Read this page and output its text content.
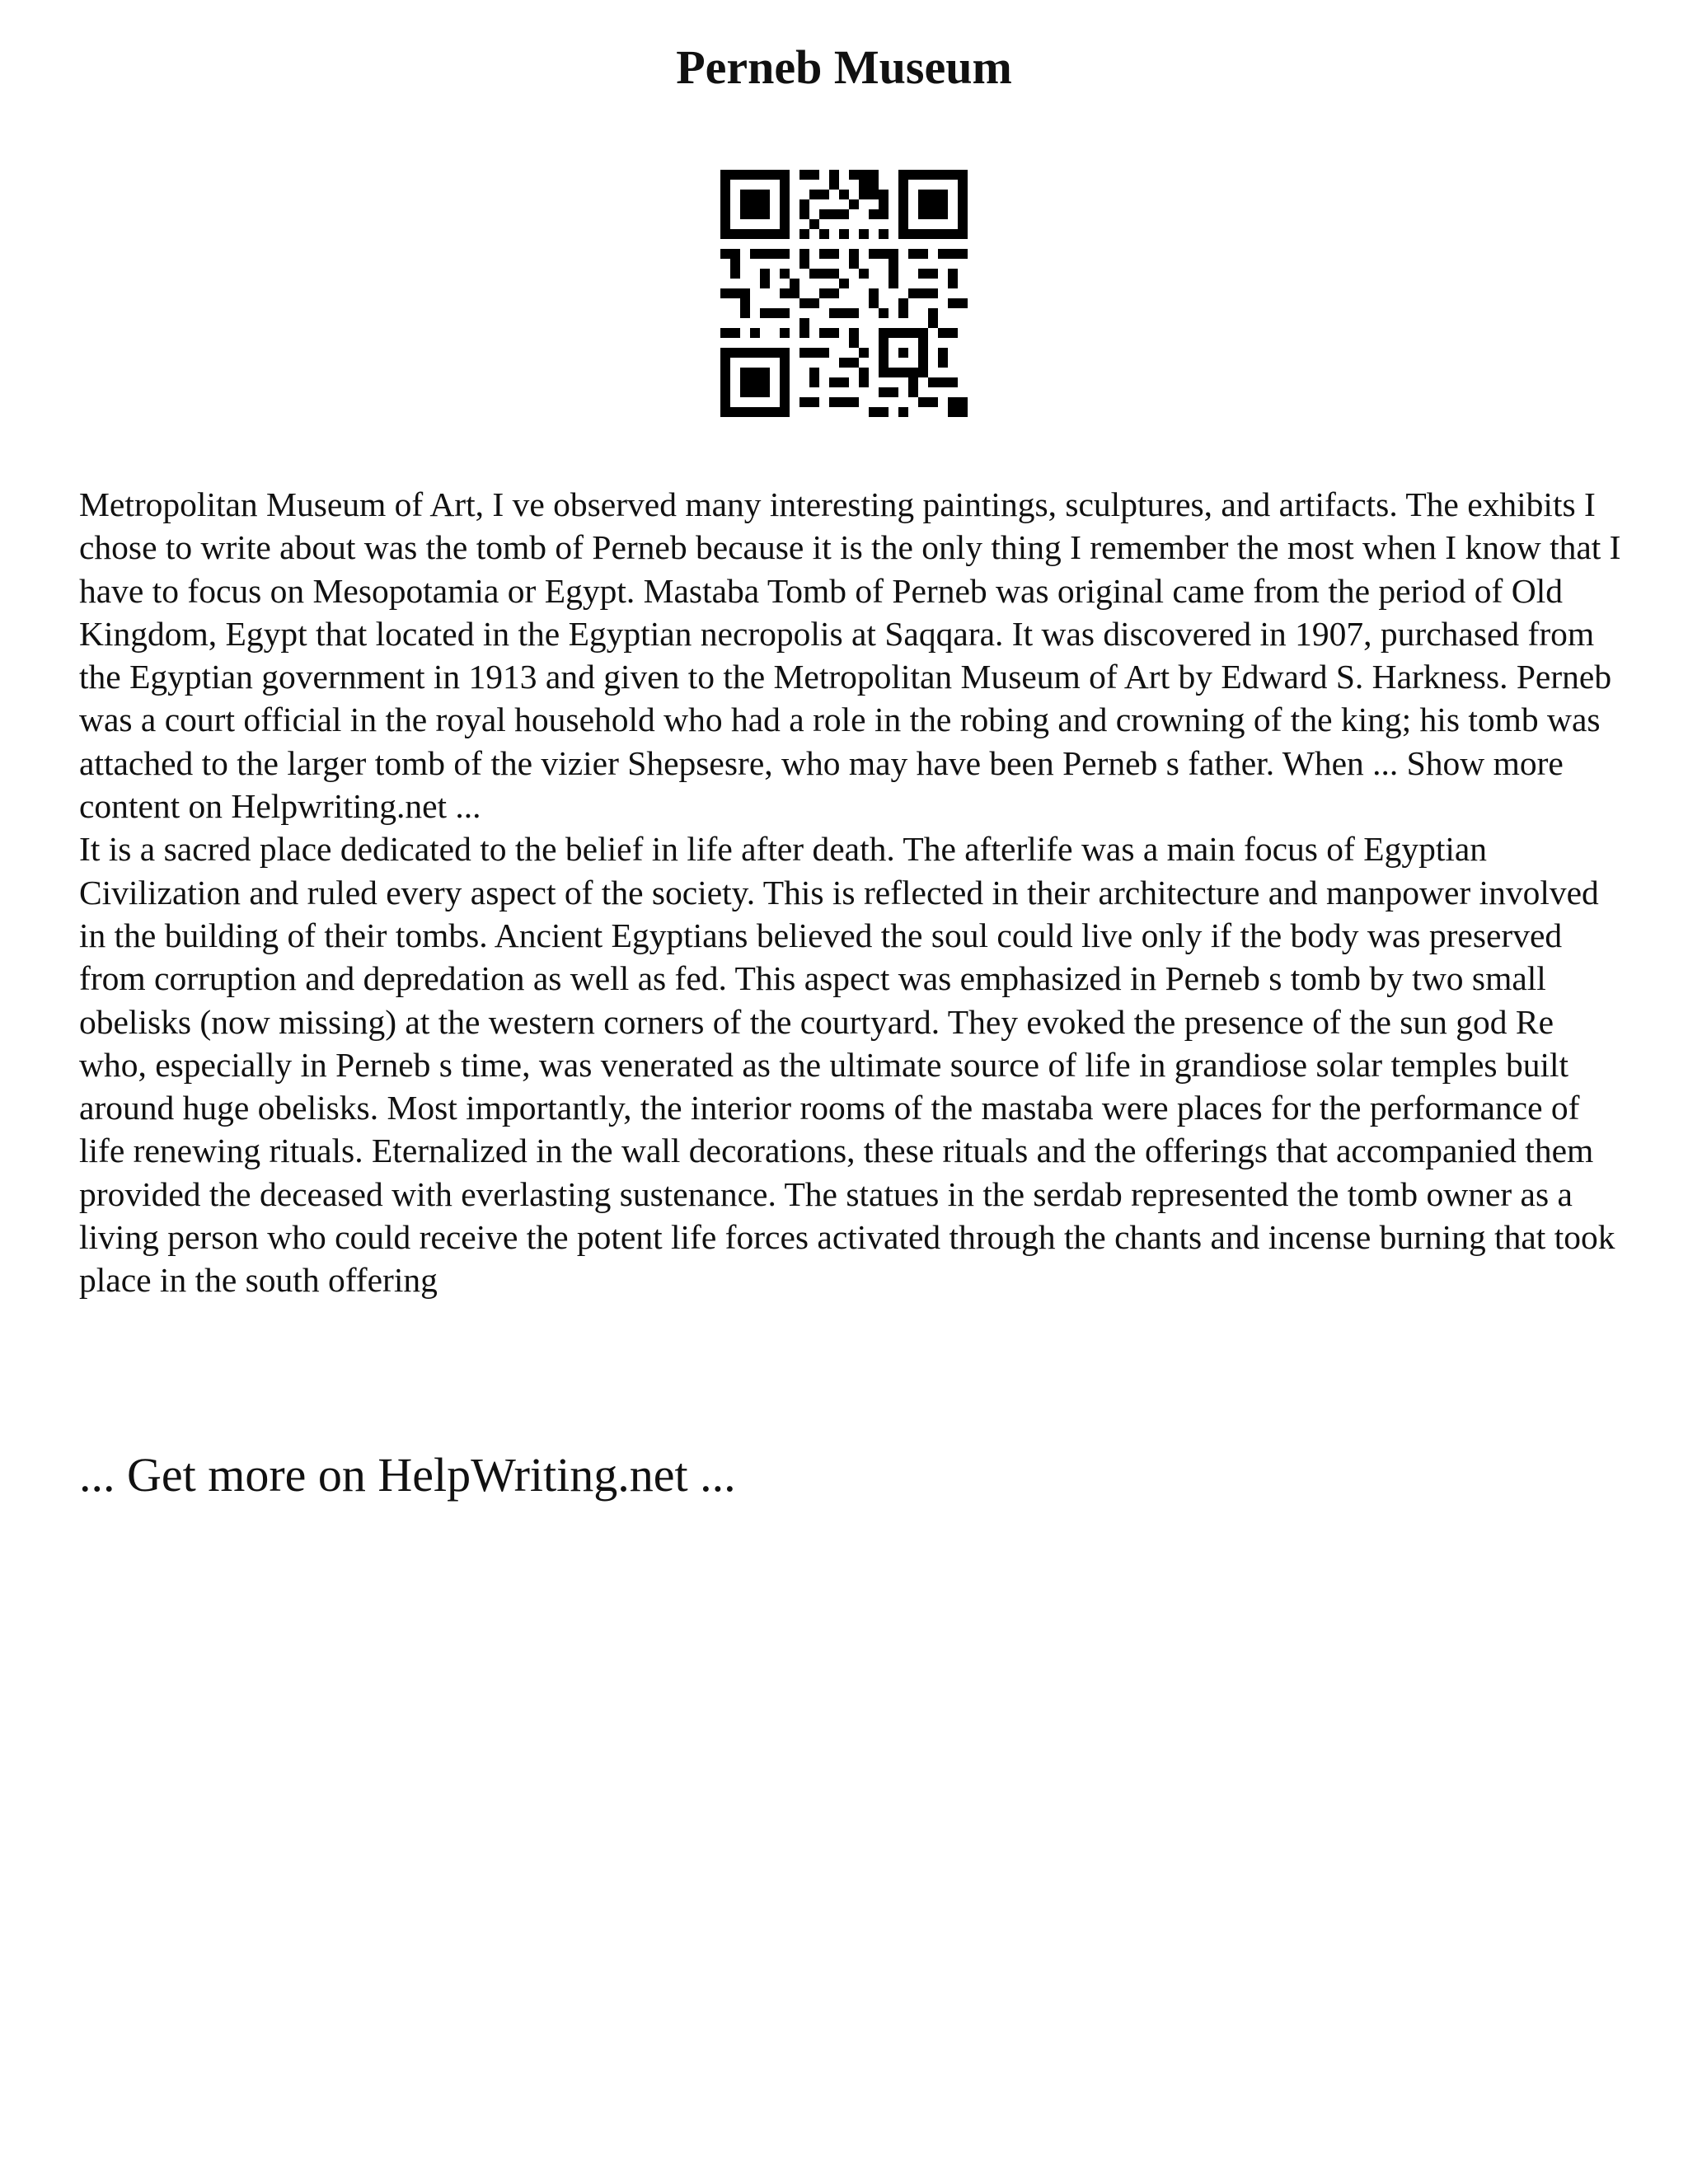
Perneb Museum

Metropolitan Museum of Art, I ve observed many interesting paintings, sculptures, and artifacts. The exhibits I chose to write about was the tomb of Perneb because it is the only thing I remember the most when I know that I have to focus on Mesopotamia or Egypt. Mastaba Tomb of Perneb was original came from the period of Old Kingdom, Egypt that located in the Egyptian necropolis at Saqqara. It was discovered in 1907, purchased from the Egyptian government in 1913 and given to the Metropolitan Museum of Art by Edward S. Harkness. Perneb was a court official in the royal household who had a role in the robing and crowning of the king; his tomb was attached to the larger tomb of the vizier Shepsesre, who may have been Perneb s father. When ... Show more content on Helpwriting.net ...

It is a sacred place dedicated to the belief in life after death. The afterlife was a main focus of Egyptian Civilization and ruled every aspect of the society. This is reflected in their architecture and manpower involved in the building of their tombs. Ancient Egyptians believed the soul could live only if the body was preserved from corruption and depredation as well as fed. This aspect was emphasized in Perneb s tomb by two small obelisks (now missing) at the western corners of the courtyard. They evoked the presence of the sun god Re who, especially in Perneb s time, was venerated as the ultimate source of life in grandiose solar temples built around huge obelisks. Most importantly, the interior rooms of the mastaba were places for the performance of life renewing rituals. Eternalized in the wall decorations, these rituals and the offerings that accompanied them provided the deceased with everlasting sustenance. The statues in the serdab represented the tomb owner as a living person who could receive the potent life forces activated through the chants and incense burning that took place in the south offering

... Get more on HelpWriting.net ...
